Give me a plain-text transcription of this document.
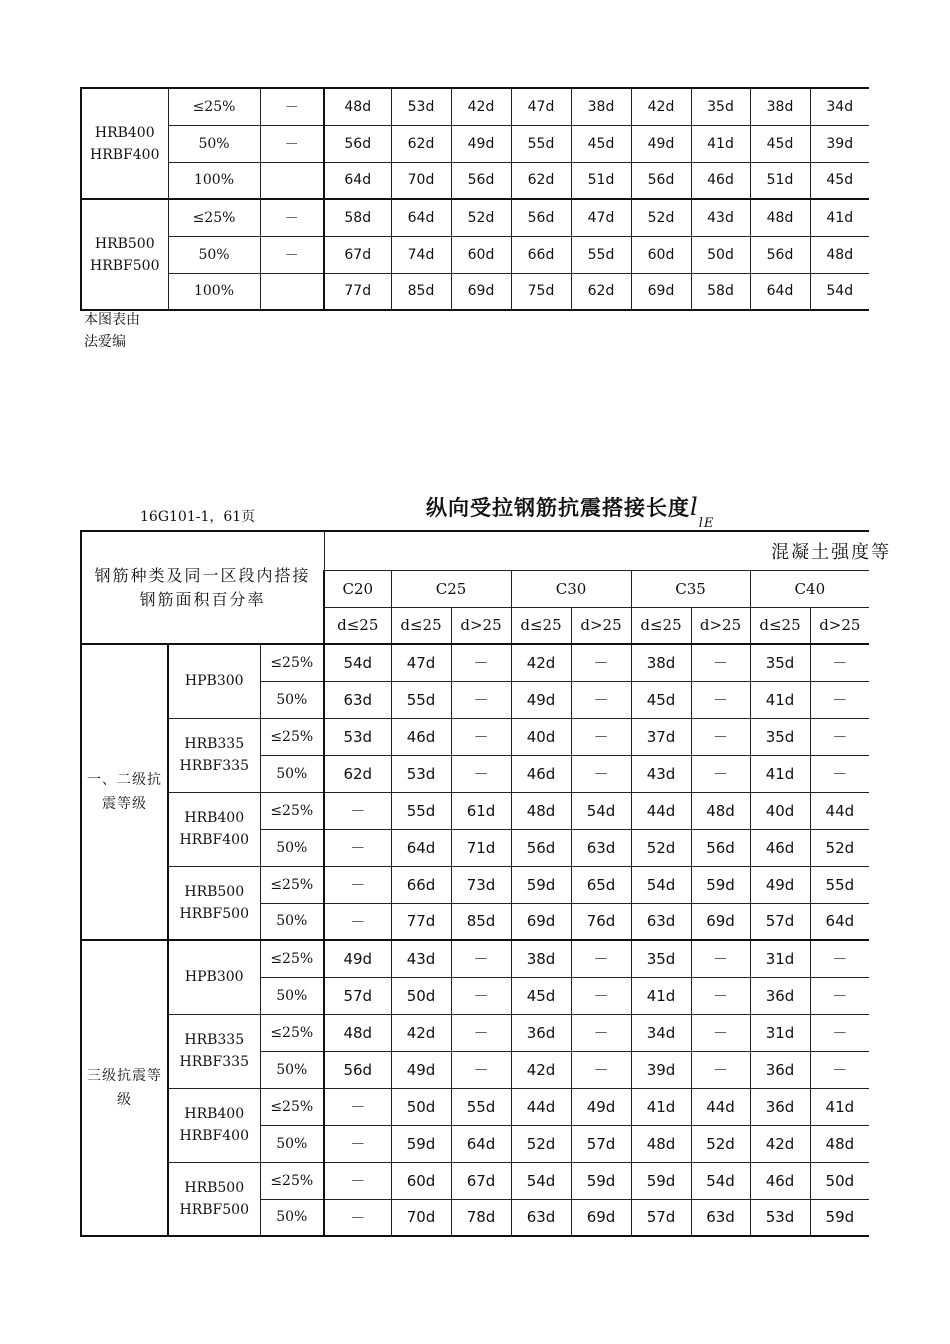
HRB400
HRBF400	≤25%	－	48d	53d	42d	47d	38d	42d	35d	38d	34d
	50%	－	56d	62d	49d	55d	45d	49d	41d	45d	39d
	100%		64d	70d	56d	62d	51d	56d	46d	51d	45d

HRB500
HRBF500	≤25%	－	58d	64d	52d	56d	47d	52d	43d	48d	41d
	50%	－	67d	74d	60d	66d	55d	60d	50d	56d	48d
	100%		77d	85d	69d	75d	62d	69d	58d	64d	54d
本图表由
法爱编
16G101-1，61页	纵向受拉钢筋抗震搭接长度$l_{lE}$
钢筋种类及同一区段内搭接钢筋面积百分率			混凝土强度等								
			C20	C25		C30		C35		C40	
			d≤25	d≤25	d>25	d≤25	d>25	d≤25	d>25	d≤25	d>25
一、二级抗震等级	HPB300	≤25%	54d	47d	－	42d	－	38d	－	35d	－
		50%	63d	55d	－	49d	－	45d	－	41d	－

	HRB335
HRBF335	≤25%	53d	46d	－	40d	－	37d	－	35d	－
		50%	62d	53d	－	46d	－	43d	－	41d	－

	HRB400
HRBF400	≤25%	－	55d	61d	48d	54d	44d	48d	40d	44d
		50%	－	64d	71d	56d	63d	52d	56d	46d	52d

	HRB500
HRBF500	≤25%	－	66d	73d	59d	65d	54d	59d	49d	55d
		50%	－	77d	85d	69d	76d	63d	69d	57d	64d
三级抗震等级	HPB300	≤25%	49d	43d	－	38d	－	35d	－	31d	－
		50%	57d	50d	－	45d	－	41d	－	36d	－

	HRB335
HRBF335	≤25%	48d	42d	－	36d	－	34d	－	31d	－
		50%	56d	49d	－	42d	－	39d	－	36d	－

	HRB400
HRBF400	≤25%	－	50d	55d	44d	49d	41d	44d	36d	41d
		50%	－	59d	64d	52d	57d	48d	52d	42d	48d

	HRB500
HRBF500	≤25%	－	60d	67d	54d	59d	59d	54d	46d	50d
		50%	－	70d	78d	63d	69d	57d	63d	53d	59d
